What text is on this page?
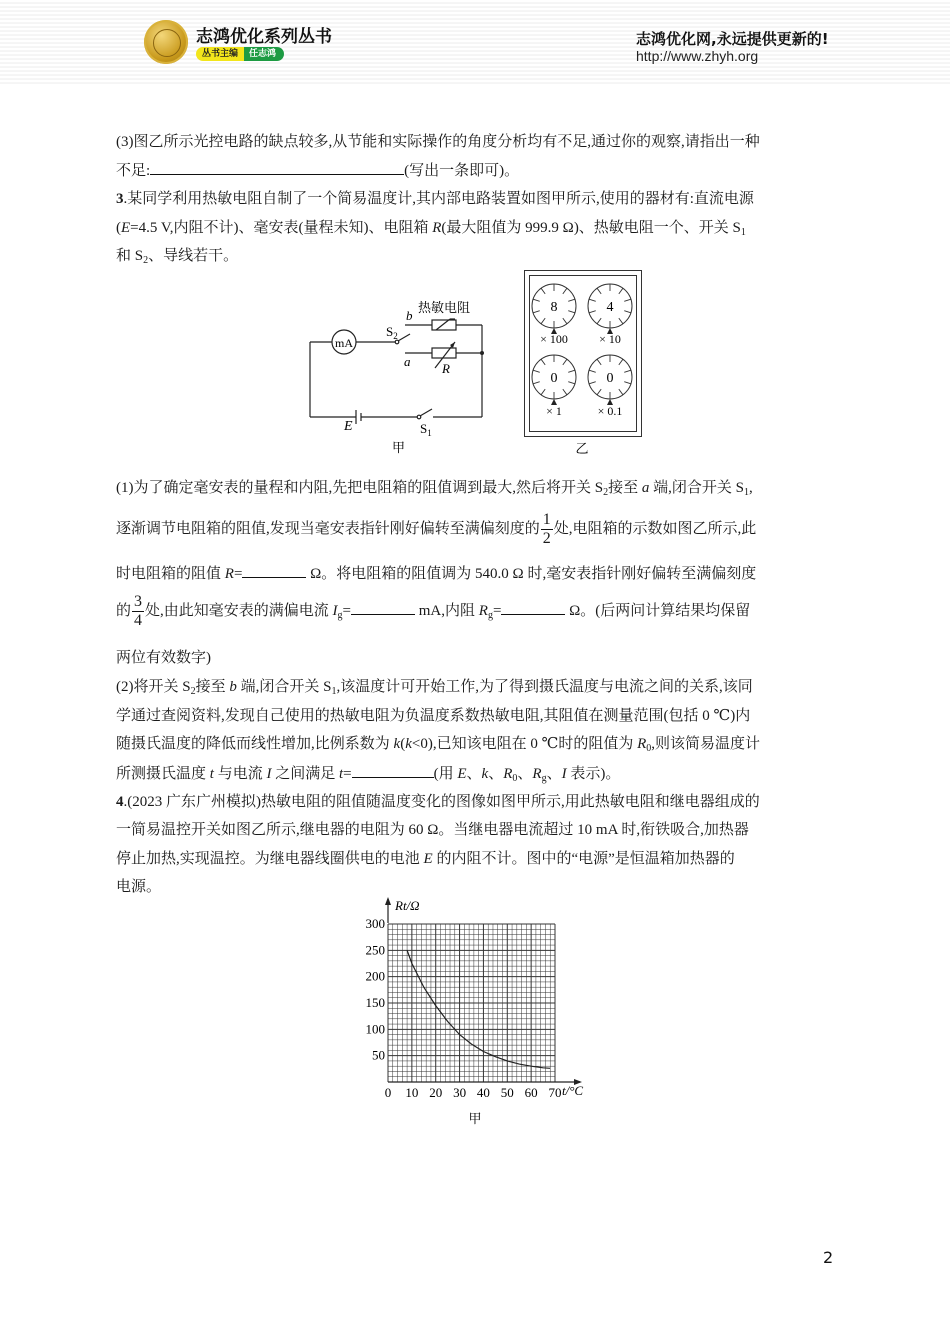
志鸿优化系列丛书
丛书主编	任志鸿
志鸿优化网,永远提供更新的!
http://www.zhyh.org
(3)图乙所示光控电路的缺点较多,从节能和实际操作的角度分析均有不足,通过你的观察,请指出一种
不足:	(写出一条即可)。
3.某同学利用热敏电阻自制了一个简易温度计,其内部电路装置如图甲所示,使用的器材有:直流电源
(E=4.5 V,内阻不计)、毫安表(量程未知)、电阻箱 R(最大阻值为 999.9 Ω)、热敏电阻一个、开关 $S_1$
和 $S_2$、导线若干。
mA
热敏电阻
b
a R
$S_2$
$S_1$
E
甲
8	4
0	0
× 100	× 10
× 1	× 0.1
乙
(1)为了确定毫安表的量程和内阻,先把电阻箱的阻值调到最大,然后将开关 $S_2$接至 a 端,闭合开关 $S_1$,
逐渐调节电阻箱的阻值,发现当毫安表指针刚好偏转至满偏刻度的 $\frac{1}{2}$ 处,电阻箱的示数如图乙所示,此
时电阻箱的阻值 R=	Ω。将电阻箱的阻值调为 540.0 Ω 时,毫安表指针刚好偏转至满偏刻度
的 $\frac{3}{4}$ 处,由此知毫安表的满偏电流 $I_g=$	mA,内阻 $R_g=$	Ω。(后两问计算结果均保留
两位有效数字)
(2)将开关 $S_2$接至 b 端,闭合开关 $S_1$,该温度计可开始工作,为了得到摄氏温度与电流之间的关系,该同
学通过查阅资料,发现自己使用的热敏电阻为负温度系数热敏电阻,其阻值在测量范围(包括 0 ℃)内
随摄氏温度的降低而线性增加,比例系数为 k(k<0),已知该电阻在 0 ℃时的阻值为 $R_0$,则该简易温度计
所测摄氏温度 t 与电流 I 之间满足 t=	(用 E、k、$R_0$、$R_g$、I 表示)。
4.(2023 广东广州模拟)热敏电阻的阻值随温度变化的图像如图甲所示,用此热敏电阻和继电器组成的
一简易温控开关如图乙所示,继电器的电阻为 60 Ω。当继电器电流超过 10 mA 时,衔铁吸合,加热器
停止加热,实现温控。为继电器线圈供电的电池 E 的内阻不计。图中的“电源”是恒温箱加热器的
电源。
50
100
150
200
250
300
0 10 20 30 40 50 60 70
Rt/Ω
t/°C
甲
2
